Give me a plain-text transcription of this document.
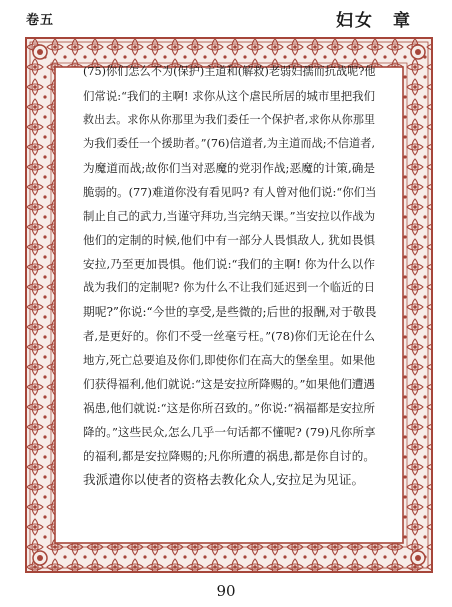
卷五	妇女　章
(75)你们怎么不为(保护)主道和(解救)老弱妇孺而抗战呢?他
们常说:“我们的主啊! 求你从这个虐民所居的城市里把我们
救出去。求你从你那里为我们委任一个保护者,求你从你那里
为我们委任一个援助者。”(76)信道者,为主道而战;不信道者,
为魔道而战;故你们当对恶魔的党羽作战;恶魔的计策,确是
脆弱的。(77)难道你没有看见吗? 有人曾对他们说:“你们当
制止自己的武力,当谨守拜功,当完纳天课。”当安拉以作战为
他们的定制的时候,他们中有一部分人畏惧敌人, 犹如畏惧
安拉,乃至更加畏惧。他们说:“我们的主啊! 你为什么以作
战为我们的定制呢? 你为什么不让我们延迟到一个临近的日
期呢?”你说:“今世的享受,是些微的;后世的报酬,对于敬畏
者,是更好的。你们不受一丝毫亏枉。”(78)你们无论在什么
地方,死亡总要追及你们,即使你们在高大的堡垒里。如果他
们获得福利,他们就说:“这是安拉所降赐的。”如果他们遭遇
祸患,他们就说:“这是你所召致的。”你说:“祸福都是安拉所
降的。”这些民众,怎么几乎一句话都不懂呢? (79)凡你所享
的福利,都是安拉降赐的;凡你所遭的祸患,都是你自讨的。
我派遣你以使者的资格去教化众人,安拉足为见证。
90
